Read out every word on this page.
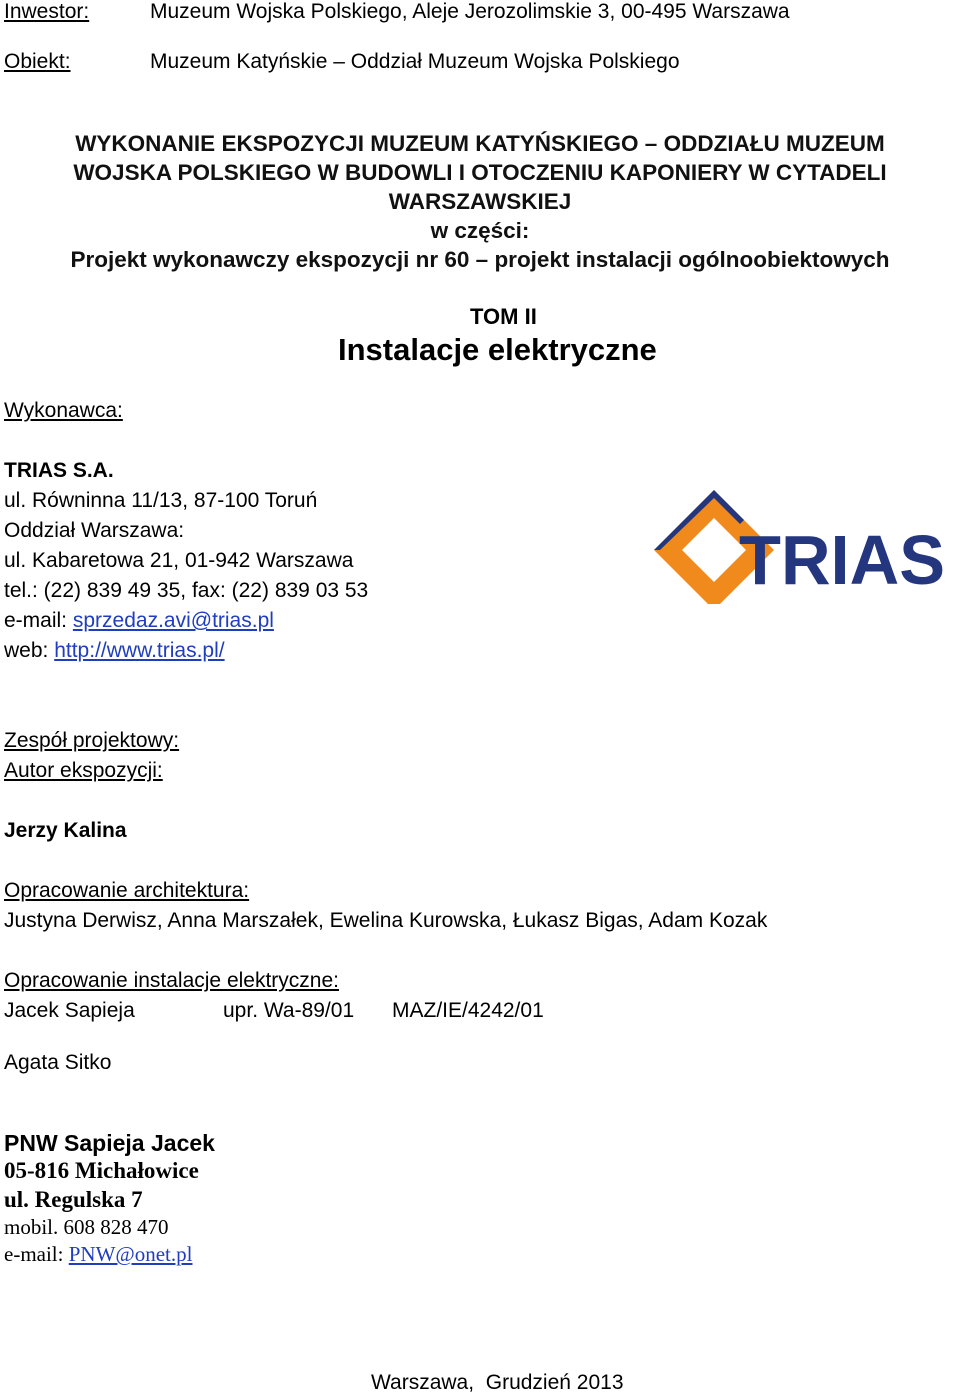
Inwestor:	Muzeum Wojska Polskiego, Aleje Jerozolimskie 3, 00-495 Warszawa
Obiekt:	Muzeum Katyńskie – Oddział Muzeum Wojska Polskiego
WYKONANIE EKSPOZYCJI MUZEUM KATYŃSKIEGO – ODDZIAŁU MUZEUM
WOJSKA POLSKIEGO W BUDOWLI I OTOCZENIU KAPONIERY W CYTADELI
WARSZAWSKIEJ
w części:
Projekt wykonawczy ekspozycji nr 60 – projekt instalacji ogólnoobiektowych
TOM II
Instalacje elektryczne
Wykonawca:
TRIAS S.A.
ul. Równinna 11/13, 87-100 Toruń
Oddział Warszawa:
ul. Kabaretowa 21, 01-942 Warszawa
tel.: (22) 839 49 35, fax: (22) 839 03 53
e-mail: sprzedaz.avi@trias.pl
web: http://www.trias.pl/
TRIAS
Zespół projektowy:
Autor ekspozycji:
Jerzy Kalina
Opracowanie architektura:
Justyna Derwisz, Anna Marszałek, Ewelina Kurowska, Łukasz Bigas, Adam Kozak
Opracowanie instalacje elektryczne:
Jacek Sapieja	upr. Wa-89/01 MAZ/IE/4242/01
Agata Sitko
PNW Sapieja Jacek
05-816 Michałowice
ul. Regulska 7
mobil. 608 828 470
e-mail: PNW@onet.pl
Warszawa,  Grudzień 2013
